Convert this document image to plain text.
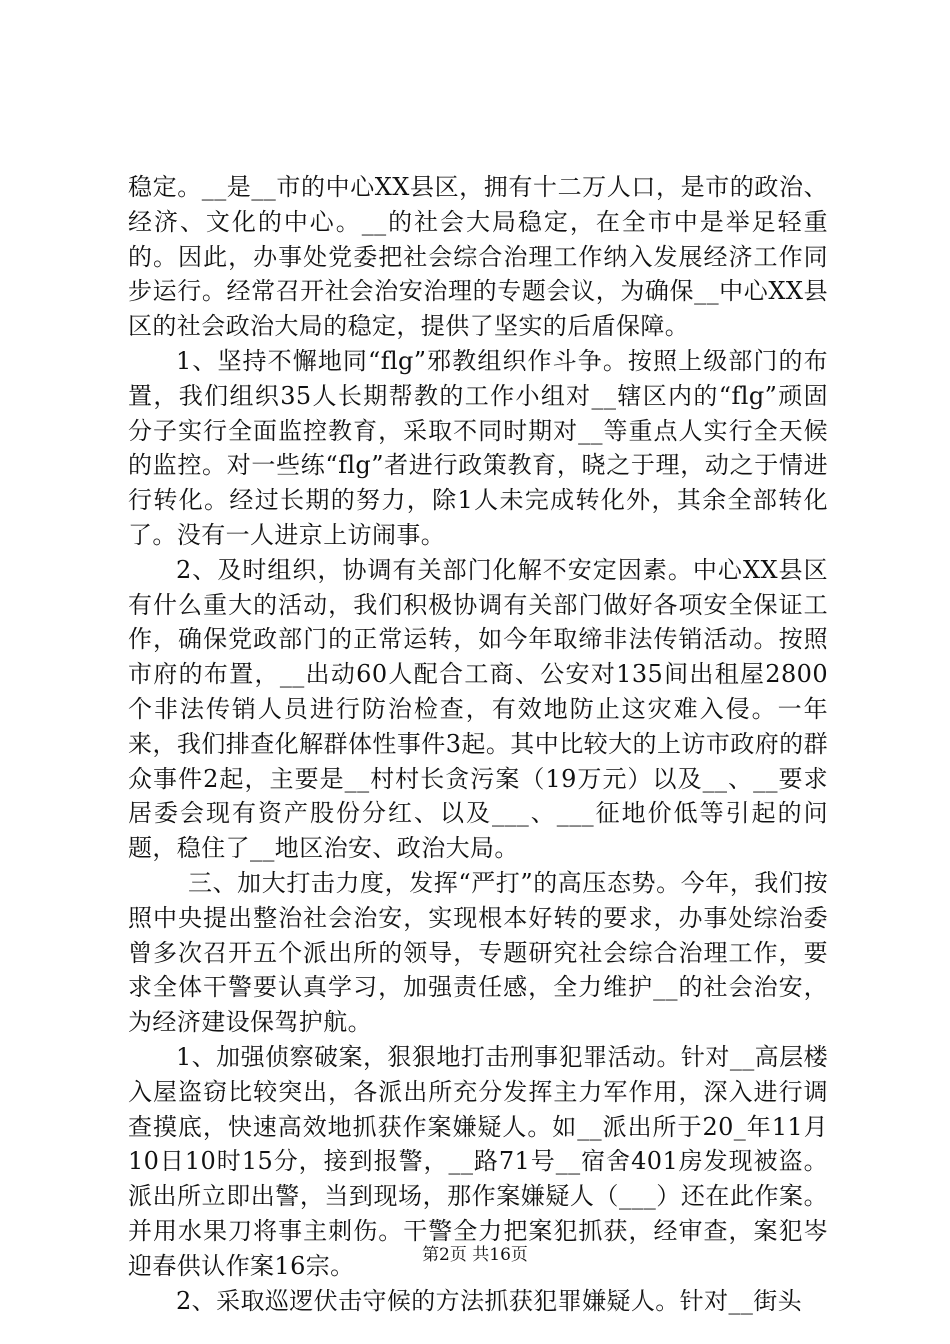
稳定。__是__市的中心XX县区，拥有十二万人口，是市的政治、经济、文化的中心。__的社会大局稳定，在全市中是举足轻重的。因此，办事处党委把社会综合治理工作纳入发展经济工作同步运行。经常召开社会治安治理的专题会议，为确保__中心XX县区的社会政治大局的稳定，提供了坚实的后盾保障。

1、坚持不懈地同“flg”邪教组织作斗争。按照上级部门的布置，我们组织35人长期帮教的工作小组对__辖区内的“flg”顽固分子实行全面监控教育，采取不同时期对__等重点人实行全天候的监控。对一些练“flg”者进行政策教育，晓之于理，动之于情进行转化。经过长期的努力，除1人未完成转化外，其余全部转化了。没有一人进京上访闹事。

2、及时组织，协调有关部门化解不安定因素。中心XX县区有什么重大的活动，我们积极协调有关部门做好各项安全保证工作，确保党政部门的正常运转，如今年取缔非法传销活动。按照市府的布置，__出动60人配合工商、公安对135间出租屋2800个非法传销人员进行防治检查，有效地防止这灾难入侵。一年来，我们排查化解群体性事件3起。其中比较大的上访市政府的群众事件2起，主要是__村村长贪污案（19万元）以及__、__要求居委会现有资产股份分红、以及___、___征地价低等引起的问题，稳住了__地区治安、政治大局。

三、加大打击力度，发挥“严打”的高压态势。今年，我们按照中央提出整治社会治安，实现根本好转的要求，办事处综治委曾多次召开五个派出所的领导，专题研究社会综合治理工作，要求全体干警要认真学习，加强责任感，全力维护__的社会治安，为经济建设保驾护航。

1、加强侦察破案，狠狠地打击刑事犯罪活动。针对__高层楼入屋盗窃比较突出，各派出所充分发挥主力军作用，深入进行调查摸底，快速高效地抓获作案嫌疑人。如__派出所于20_年11月10日10时15分，接到报警，__路71号__宿舍401房发现被盗。派出所立即出警，当到现场，那作案嫌疑人（___）还在此作案。并用水果刀将事主刺伤。干警全力把案犯抓获，经审查，案犯岑迎春供认作案16宗。

2、采取巡逻伏击守候的方法抓获犯罪嫌疑人。针对__街头

第2页 共16页
